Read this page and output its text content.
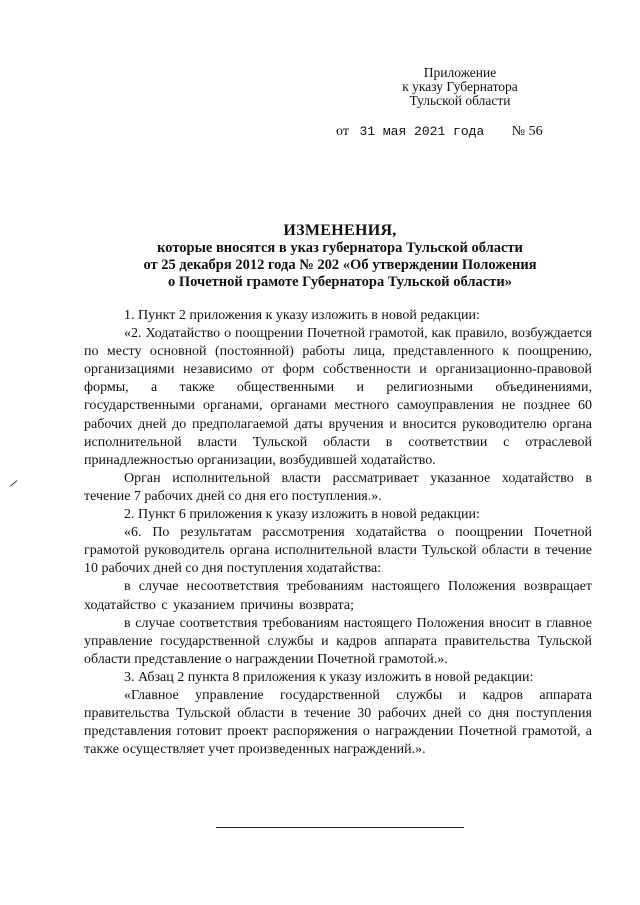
Приложение
к указу Губернатора
Тульской области
от 31 мая 2021 года № 56
ИЗМЕНЕНИЯ,
которые вносятся в указ губернатора Тульской области
от 25 декабря 2012 года № 202 «Об утверждении Положения
о Почетной грамоте Губернатора Тульской области»

1. Пункт 2 приложения к указу изложить в новой редакции:

«2. Ходатайство о поощрении Почетной грамотой, как правило, возбуждается по месту основной (постоянной) работы лица, представленного к поощрению, организациями независимо от форм собственности и организационно-правовой формы, а также общественными и религиозными объединениями, государственными органами, органами местного самоуправления не позднее 60 рабочих дней до предполагаемой даты вручения и вносится руководителю органа исполнительной власти Тульской области в соответствии с отраслевой принадлежностью организации, возбудившей ходатайство.

Орган исполнительной власти рассматривает указанное ходатайство в течение 7 рабочих дней со дня его поступления.».

2. Пункт 6 приложения к указу изложить в новой редакции:

«6. По результатам рассмотрения ходатайства о поощрении Почетной грамотой руководитель органа исполнительной власти Тульской области в течение 10 рабочих дней со дня поступления ходатайства:

в случае несоответствия требованиям настоящего Положения возвращает ходатайство с указанием причины возврата;

в случае соответствия требованиям настоящего Положения вносит в главное управление государственной службы и кадров аппарата правительства Тульской области представление о награждении Почетной грамотой.».

3. Абзац 2 пункта 8 приложения к указу изложить в новой редакции:

«Главное управление государственной службы и кадров аппарата правительства Тульской области в течение 30 рабочих дней со дня поступления представления готовит проект распоряжения о награждении Почетной грамотой, а также осуществляет учет произведенных награждений.».
